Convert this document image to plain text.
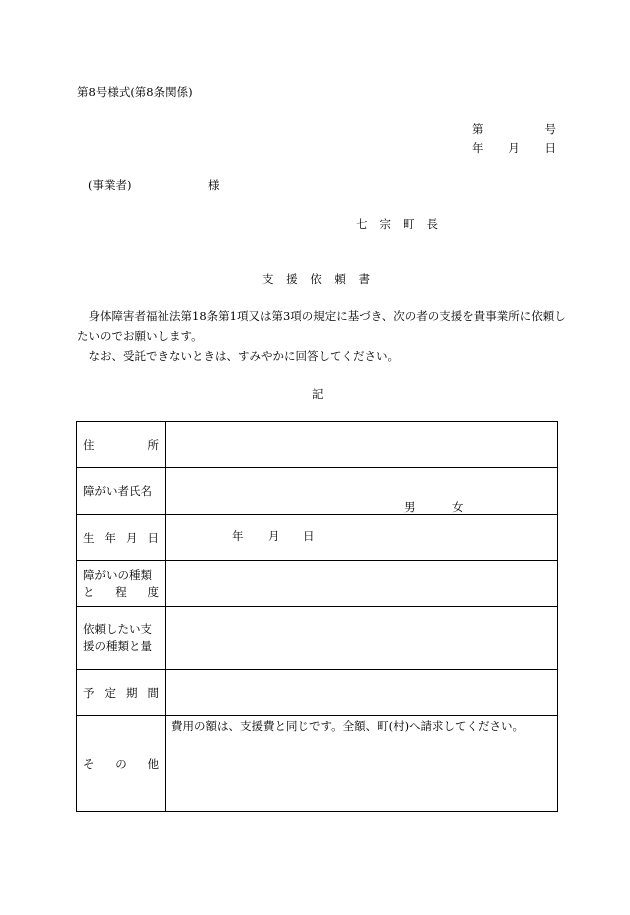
第8号様式(第8条関係)
第	号
年 月 日
(事業者)	様
七 宗 町 長
支 援 依 頼 書
　身体障害者福祉法第18条第1項又は第3項の規定に基づき、次の者の支援を貴事業所に依頼したいのでお願いします。
　なお、受託できないときは、すみやかに回答してください。
記
住 所	

障がい者氏名	男 女

生 年 月 日	年 月 日

障がいの種類
と 程 度	

依頼したい支
援の種類と量	

予 定 期 間	

そ の 他	費用の額は、支援費と同じです。全額、町(村)へ請求してください。
